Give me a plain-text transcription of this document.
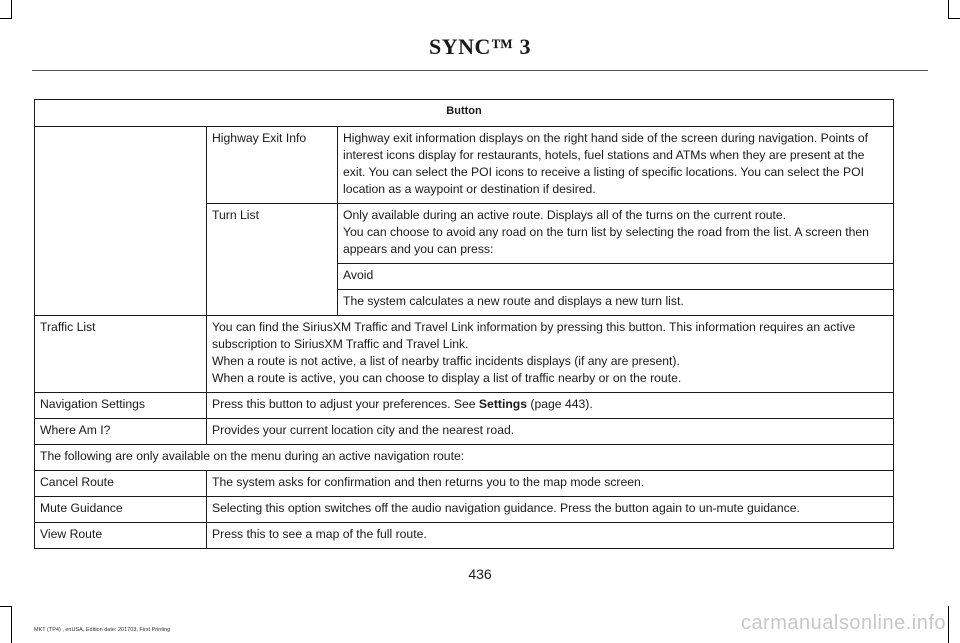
SYNC™ 3
Button		
	Highway Exit Info	Highway exit information displays on the right hand side of the screen during navigation. Points of interest icons display for restaurants, hotels, fuel stations and ATMs when they are present at the exit. You can select the POI icons to receive a listing of specific locations. You can select the POI location as a waypoint or destination if desired.
	Turn List	Only available during an active route. Displays all of the turns on the current route.
You can choose to avoid any road on the turn list by selecting the road from the list. A screen then appears and you can press:

		Avoid
		The system calculates a new route and displays a new turn list.
Traffic List	You can find the SiriusXM Traffic and Travel Link information by pressing this button. This information requires an active subscription to SiriusXM Traffic and Travel Link.
When a route is not active, a list of nearby traffic incidents displays (if any are present).
When a route is active, you can choose to display a list of traffic nearby or on the route.	

Navigation Settings	Press this button to adjust your preferences. See Settings (page 443).	
Where Am I?	Provides your current location city and the nearest road.	
The following are only available on the menu during an active navigation route:		
Cancel Route	The system asks for confirmation and then returns you to the map mode screen.	
Mute Guidance	Selecting this option switches off the audio navigation guidance. Press the button again to un-mute guidance.	
View Route	Press this to see a map of the full route.	
436
MKT (TP4) , enUSA, Edition date: 201703, First Printing	carmanualsonline.info
